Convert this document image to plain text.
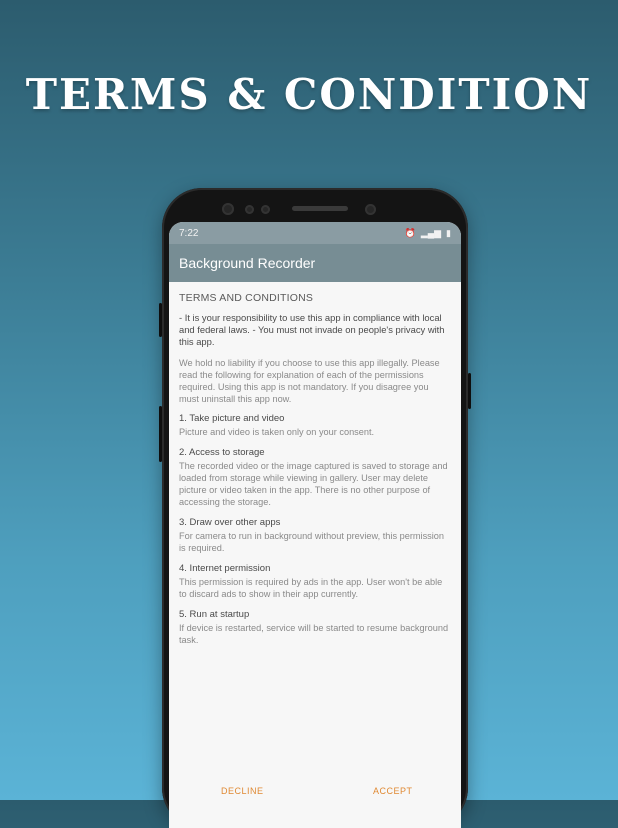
TERMS & CONDITION
7:22	⏰ ▂▄▆ ▮
Background Recorder
TERMS AND CONDITIONS
- It is your responsibility to use this app in compliance with local and federal laws. - You must not invade on people's privacy with this app.
We hold no liability if you choose to use this app illegally. Please read the following for explanation of each of the permissions required. Using this app is not mandatory. If you disagree you must uninstall this app now.
1. Take picture and video
Picture and video is taken only on your consent.
2. Access to storage
The recorded video or the image captured is saved to storage and loaded from storage while viewing in gallery. User may delete picture or video taken in the app. There is no other purpose of accessing the storage.
3. Draw over other apps
For camera to run in background without preview, this permission is required.
4. Internet permission
This permission is required by ads in the app. User won't be able to discard ads to show in their app currently.
5. Run at startup
If device is restarted, service will be started to resume background task.
DECLINE	ACCEPT
